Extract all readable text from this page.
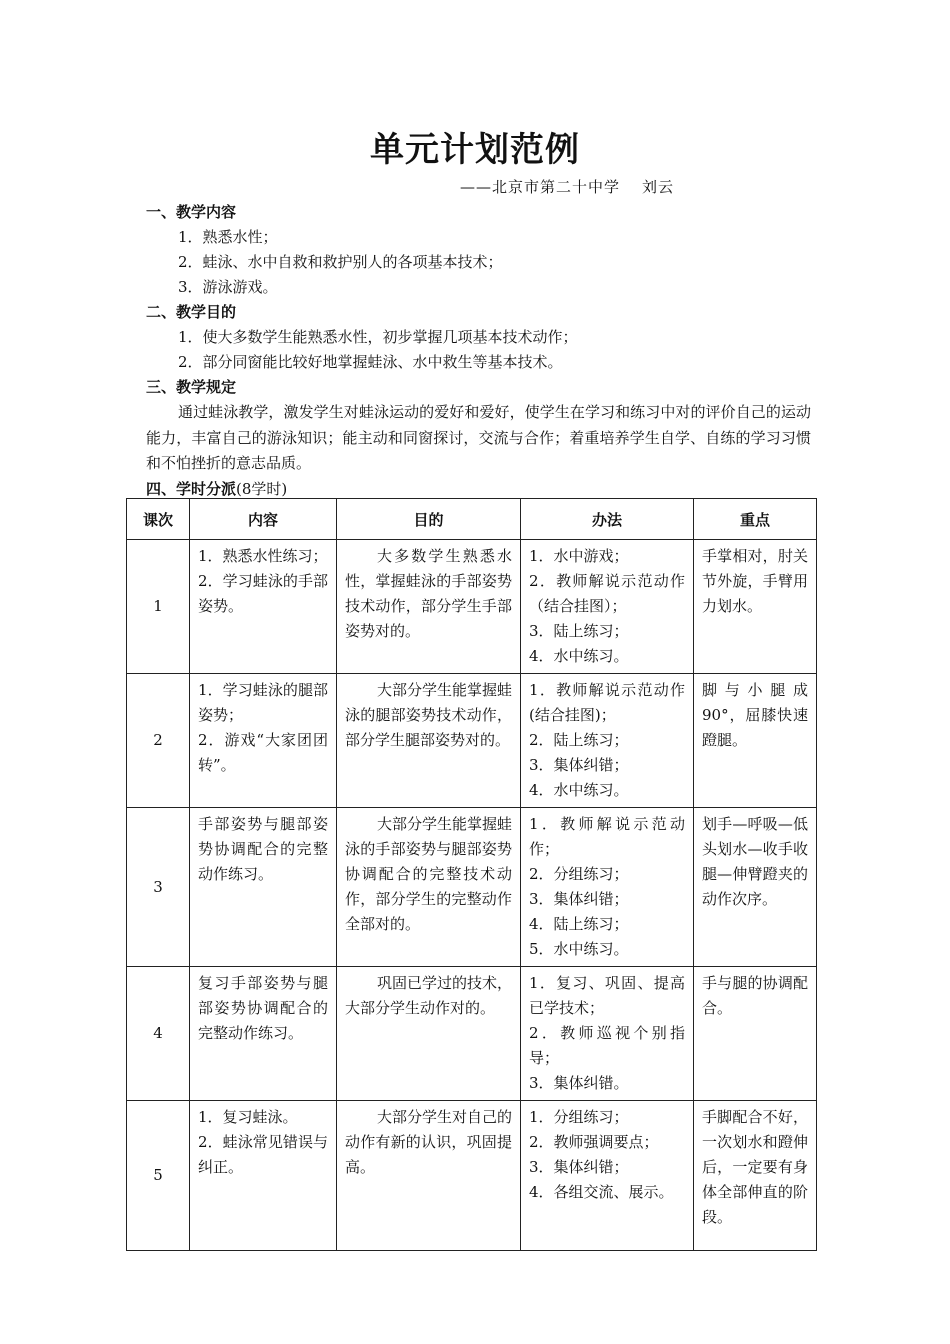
单元计划范例
——北京市第二十中学 刘云
一、教学内容
1．熟悉水性；
2．蛙泳、水中自救和救护别人的各项基本技术；
3．游泳游戏。
二、教学目的
1．使大多数学生能熟悉水性，初步掌握几项基本技术动作；
2．部分同窗能比较好地掌握蛙泳、水中救生等基本技术。
三、教学规定
通过蛙泳教学，激发学生对蛙泳运动的爱好和爱好，使学生在学习和练习中对的评价自己的运动能力，丰富自己的游泳知识；能主动和同窗探讨，交流与合作；着重培养学生自学、自练的学习习惯和不怕挫折的意志品质。
四、学时分派(8学时)
课次	内容	目的	办法	重点
1	1．熟悉水性练习；
2．学习蛙泳的手部姿势。	大多数学生熟悉水性，掌握蛙泳的手部姿势技术动作，部分学生手部姿势对的。	1．水中游戏；
2．教师解说示范动作（结合挂图）；
3．陆上练习；
4．水中练习。	手掌相对，肘关节外旋，手臂用力划水。
2	1．学习蛙泳的腿部姿势；
2．游戏“大家团团转”。	大部分学生能掌握蛙泳的腿部姿势技术动作，部分学生腿部姿势对的。	1．教师解说示范动作(结合挂图)；
2．陆上练习；
3．集体纠错；
4．水中练习。	脚与小腿成90°，屈膝快速蹬腿。
3	手部姿势与腿部姿势协调配合的完整动作练习。	大部分学生能掌握蛙泳的手部姿势与腿部姿势协调配合的完整技术动作，部分学生的完整动作全部对的。	1．教师解说示范动作；
2．分组练习；
3．集体纠错；
4．陆上练习；
5．水中练习。	划手—呼吸—低头划水—收手收腿—伸臂蹬夹的动作次序。
4	复习手部姿势与腿部姿势协调配合的完整动作练习。	巩固已学过的技术，大部分学生动作对的。	1．复习、巩固、提高已学技术；
2．教师巡视个别指导；
3．集体纠错。	手与腿的协调配合。
5	1．复习蛙泳。
2．蛙泳常见错误与纠正。	大部分学生对自己的动作有新的认识，巩固提高。	1．分组练习；
2．教师强调要点；
3．集体纠错；
4．各组交流、展示。	手脚配合不好，一次划水和蹬伸后，一定要有身体全部伸直的阶段。
